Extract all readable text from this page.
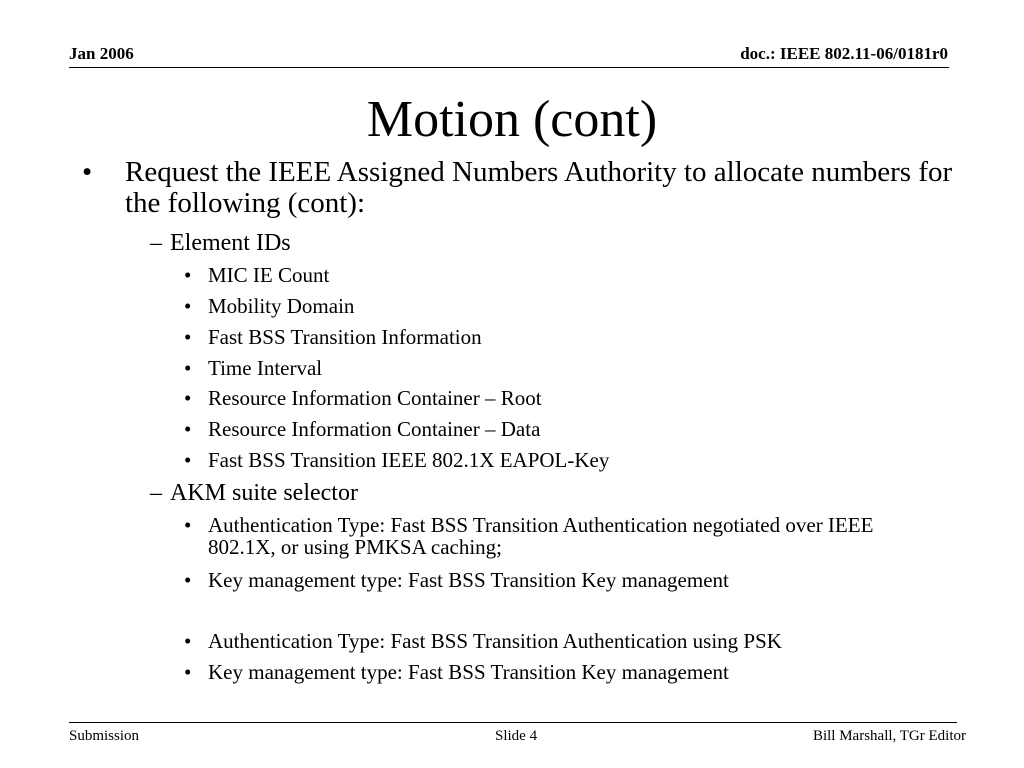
Jan 2006	doc.: IEEE 802.11-06/0181r0
Motion (cont)
• Request the IEEE Assigned Numbers Authority to allocate numbers for the following (cont):
– Element IDs
• MIC IE Count
• Mobility Domain
• Fast BSS Transition Information
• Time Interval
• Resource Information Container – Root
• Resource Information Container – Data
• Fast BSS Transition IEEE 802.1X EAPOL-Key
– AKM suite selector
• Authentication Type: Fast BSS Transition Authentication negotiated over IEEE 802.1X, or using PMKSA caching;
• Key management type: Fast BSS Transition Key management
• Authentication Type: Fast BSS Transition Authentication using PSK
• Key management type: Fast BSS Transition Key management
Submission	Slide 4	Bill Marshall, TGr Editor
